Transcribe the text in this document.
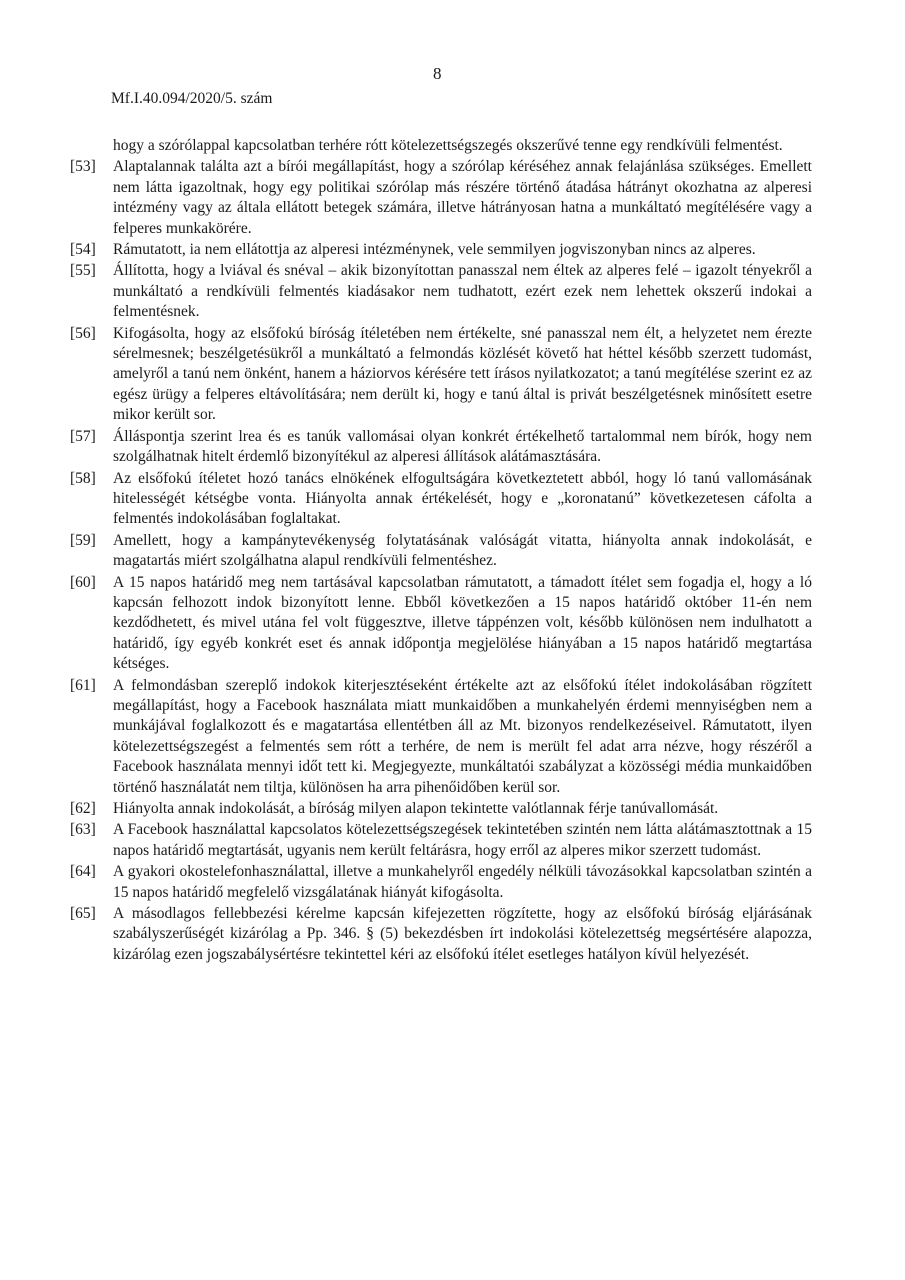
8
Mf.I.40.094/2020/5. szám
hogy a szórólappal kapcsolatban terhére rótt kötelezettségszegés okszerűvé tenne egy rendkívüli felmentést.
[53]	Alaptalannak találta azt a bírói megállapítást, hogy a szórólap kéréséhez annak felajánlása szükséges. Emellett nem látta igazoltnak, hogy egy politikai szórólap más részére történő átadása hátrányt okozhatna az alperesi intézmény vagy az általa ellátott betegek számára, illetve hátrányosan hatna a munkáltató megítélésére vagy a felperes munkakörére.
[54]	Rámutatott, ia nem ellátottja az alperesi intézménynek, vele semmilyen jogviszonyban nincs az alperes.
[55]	Állította, hogy a lviával és snéval – akik bizonyítottan panasszal nem éltek az alperes felé – igazolt tényekről a munkáltató a rendkívüli felmentés kiadásakor nem tudhatott, ezért ezek nem lehettek okszerű indokai a felmentésnek.
[56]	Kifogásolta, hogy az elsőfokú bíróság ítéletében nem értékelte, sné panasszal nem élt, a helyzetet nem érezte sérelmesnek; beszélgetésükről a munkáltató a felmondás közlését követő hat héttel később szerzett tudomást, amelyről a tanú nem önként, hanem a háziorvos kérésére tett írásos nyilatkozatot; a tanú megítélése szerint ez az egész ürügy a felperes eltávolítására; nem derült ki, hogy e tanú által is privát beszélgetésnek minősített esetre mikor került sor.
[57]	Álláspontja szerint lrea és es tanúk vallomásai olyan konkrét értékelhető tartalommal nem bírók, hogy nem szolgálhatnak hitelt érdemlő bizonyítékul az alperesi állítások alátámasztására.
[58]	Az elsőfokú ítéletet hozó tanács elnökének elfogultságára következtetett abból, hogy ló tanú vallomásának hitelességét kétségbe vonta. Hiányolta annak értékelését, hogy e „koronatanú” következetesen cáfolta a felmentés indokolásában foglaltakat.
[59]	Amellett, hogy a kampánytevékenység folytatásának valóságát vitatta, hiányolta annak indokolását, e magatartás miért szolgálhatna alapul rendkívüli felmentéshez.
[60]	A 15 napos határidő meg nem tartásával kapcsolatban rámutatott, a támadott ítélet sem fogadja el, hogy a ló kapcsán felhozott indok bizonyított lenne. Ebből következően a 15 napos határidő október 11-én nem kezdődhetett, és mivel utána fel volt függesztve, illetve táppénzen volt, később különösen nem indulhatott a határidő, így egyéb konkrét eset és annak időpontja megjelölése hiányában a 15 napos határidő megtartása kétséges.
[61]	A felmondásban szereplő indokok kiterjesztéseként értékelte azt az elsőfokú ítélet indokolásában rögzített megállapítást, hogy a Facebook használata miatt munkaidőben a munkahelyén érdemi mennyiségben nem a munkájával foglalkozott és e magatartása ellentétben áll az Mt. bizonyos rendelkezéseivel. Rámutatott, ilyen kötelezettségszegést a felmentés sem rótt a terhére, de nem is merült fel adat arra nézve, hogy részéről a Facebook használata mennyi időt tett ki. Megjegyezte, munkáltatói szabályzat a közösségi média munkaidőben történő használatát nem tiltja, különösen ha arra pihenőidőben kerül sor.
[62]	Hiányolta annak indokolását, a bíróság milyen alapon tekintette valótlannak férje tanúvallomását.
[63]	A Facebook használattal kapcsolatos kötelezettségszegések tekintetében szintén nem látta alátámasztottnak a 15 napos határidő megtartását, ugyanis nem került feltárásra, hogy erről az alperes mikor szerzett tudomást.
[64]	A gyakori okostelefonhasználattal, illetve a munkahelyről engedély nélküli távozásokkal kapcsolatban szintén a 15 napos határidő megfelelő vizsgálatának hiányát kifogásolta.
[65]	A másodlagos fellebbezési kérelme kapcsán kifejezetten rögzítette, hogy az elsőfokú bíróság eljárásának szabályszerűségét kizárólag a Pp. 346. § (5) bekezdésben írt indokolási kötelezettség megsértésére alapozza, kizárólag ezen jogszabálysértésre tekintettel kéri az elsőfokú ítélet esetleges hatályon kívül helyezését.
